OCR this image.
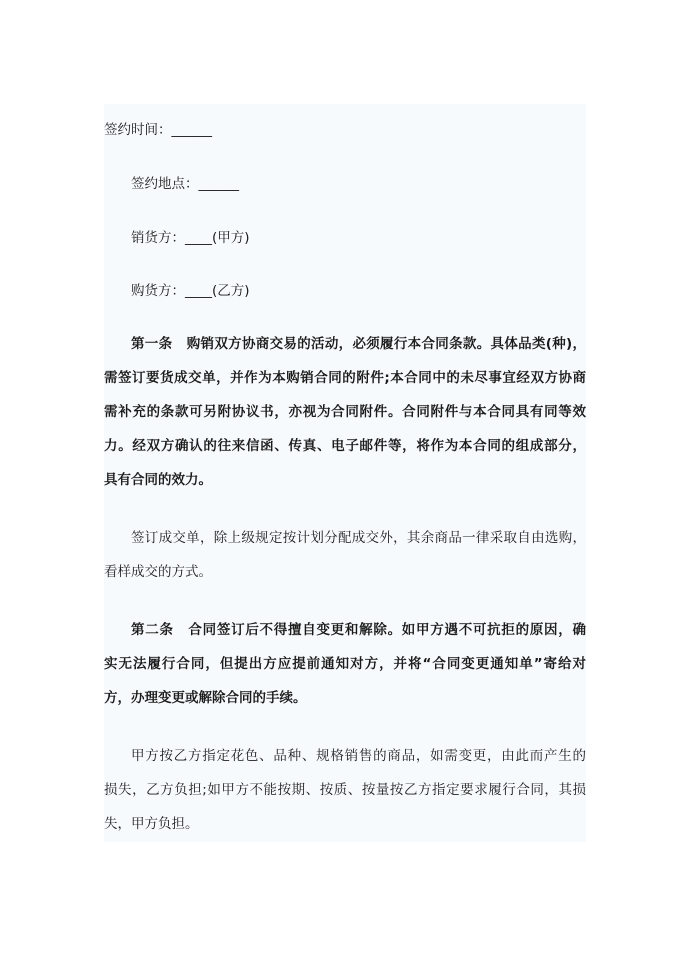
签约时间：______
签约地点：______
销货方：____(甲方)
购货方：____(乙方)
第一条 购销双方协商交易的活动，必须履行本合同条款。具体品类(种)，
需签订要货成交单，并作为本购销合同的附件;本合同中的未尽事宜经双方协商
需补充的条款可另附协议书，亦视为合同附件。合同附件与本合同具有同等效
力。经双方确认的往来信函、传真、电子邮件等，将作为本合同的组成部分，
具有合同的效力。
签订成交单，除上级规定按计划分配成交外，其余商品一律采取自由选购，
看样成交的方式。
第二条 合同签订后不得擅自变更和解除。如甲方遇不可抗拒的原因，确
实无法履行合同，但提出方应提前通知对方，并将“合同变更通知单”寄给对
方，办理变更或解除合同的手续。
甲方按乙方指定花色、品种、规格销售的商品，如需变更，由此而产生的
损失，乙方负担;如甲方不能按期、按质、按量按乙方指定要求履行合同，其损
失，甲方负担。
